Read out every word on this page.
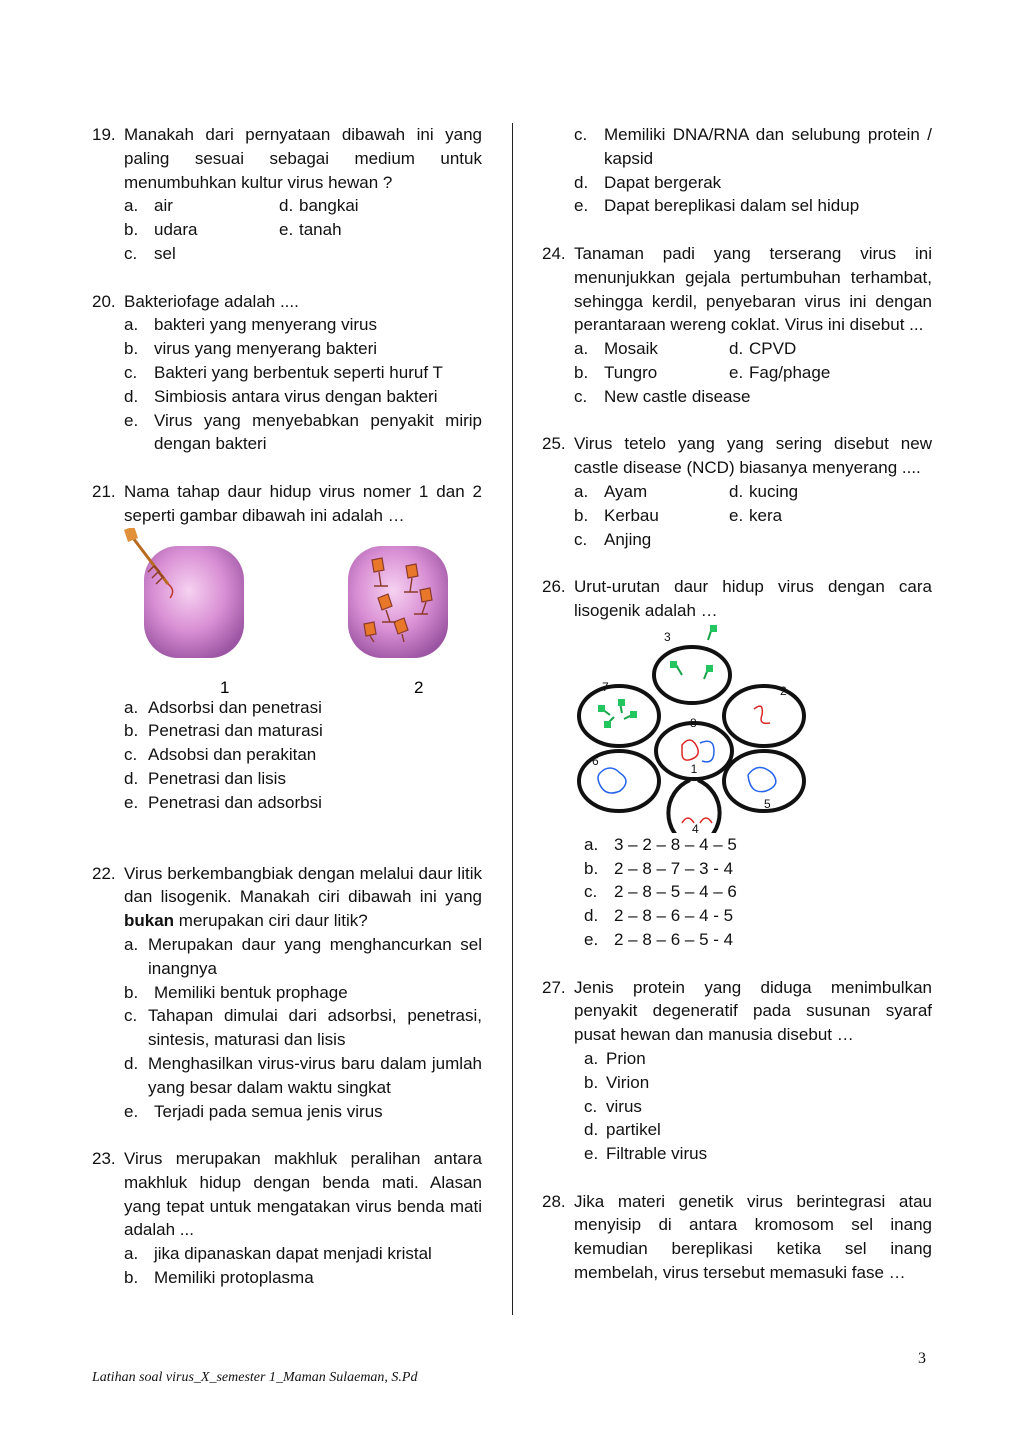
19. Manakah dari pernyataan dibawah ini yang paling sesuai sebagai medium untuk menumbuhkan kultur virus hewan ?
a. air	d. bangkai
b. udara	e. tanah
c. sel
20. Bakteriofage adalah ....
a. bakteri yang menyerang virus
b. virus yang menyerang bakteri
c. Bakteri yang berbentuk seperti huruf T
d. Simbiosis antara virus dengan bakteri
e. Virus yang menyebabkan penyakit mirip dengan bakteri
21. Nama tahap daur hidup virus nomer 1 dan 2 seperti gambar dibawah ini adalah …
1	2
a. Adsorbsi dan penetrasi
b. Penetrasi dan maturasi
c. Adsobsi dan perakitan
d. Penetrasi dan lisis
e. Penetrasi dan adsorbsi
22. Virus berkembangbiak dengan melalui daur litik dan lisogenik. Manakah ciri dibawah ini yang bukan merupakan ciri daur litik?
a. Merupakan daur yang menghancurkan sel inangnya
b. Memiliki bentuk prophage
c. Tahapan dimulai dari adsorbsi, penetrasi, sintesis, maturasi dan lisis
d. Menghasilkan virus-virus baru dalam jumlah yang besar dalam waktu singkat
e. Terjadi pada semua jenis virus
23. Virus merupakan makhluk peralihan antara makhluk hidup dengan benda mati. Alasan yang tepat untuk mengatakan virus benda mati adalah ...
a. jika dipanaskan dapat menjadi kristal
b. Memiliki protoplasma
c. Memiliki DNA/RNA dan selubung protein / kapsid
d. Dapat bergerak
e. Dapat bereplikasi dalam sel hidup
24. Tanaman padi yang terserang virus ini menunjukkan gejala pertumbuhan terhambat, sehingga kerdil, penyebaran virus ini dengan perantaraan wereng coklat. Virus ini disebut ...
a. Mosaik	d. CPVD
b. Tungro	e. Fag/phage
c. New castle disease
25. Virus tetelo yang yang sering disebut new castle disease (NCD) biasanya menyerang ....
a. Ayam	d. kucing
b. Kerbau	e. kera
c. Anjing
26. Urut-urutan daur hidup virus dengan cara lisogenik adalah …
1
2
3
4
5
6
7
8
a. 3 – 2 – 8 – 4 – 5
b. 2 – 8 – 7 – 3 - 4
c. 2 – 8 – 5 – 4 – 6
d. 2 – 8 – 6 – 4 - 5
e. 2 – 8 – 6 – 5 - 4
27. Jenis protein yang diduga menimbulkan penyakit degeneratif pada susunan syaraf pusat hewan dan manusia disebut …
a. Prion
b. Virion
c. virus
d. partikel
e. Filtrable virus
28. Jika materi genetik virus berintegrasi atau menyisip di antara kromosom sel inang kemudian bereplikasi ketika sel inang membelah, virus tersebut memasuki fase …
3
Latihan soal virus_X_semester 1_Maman Sulaeman, S.Pd
